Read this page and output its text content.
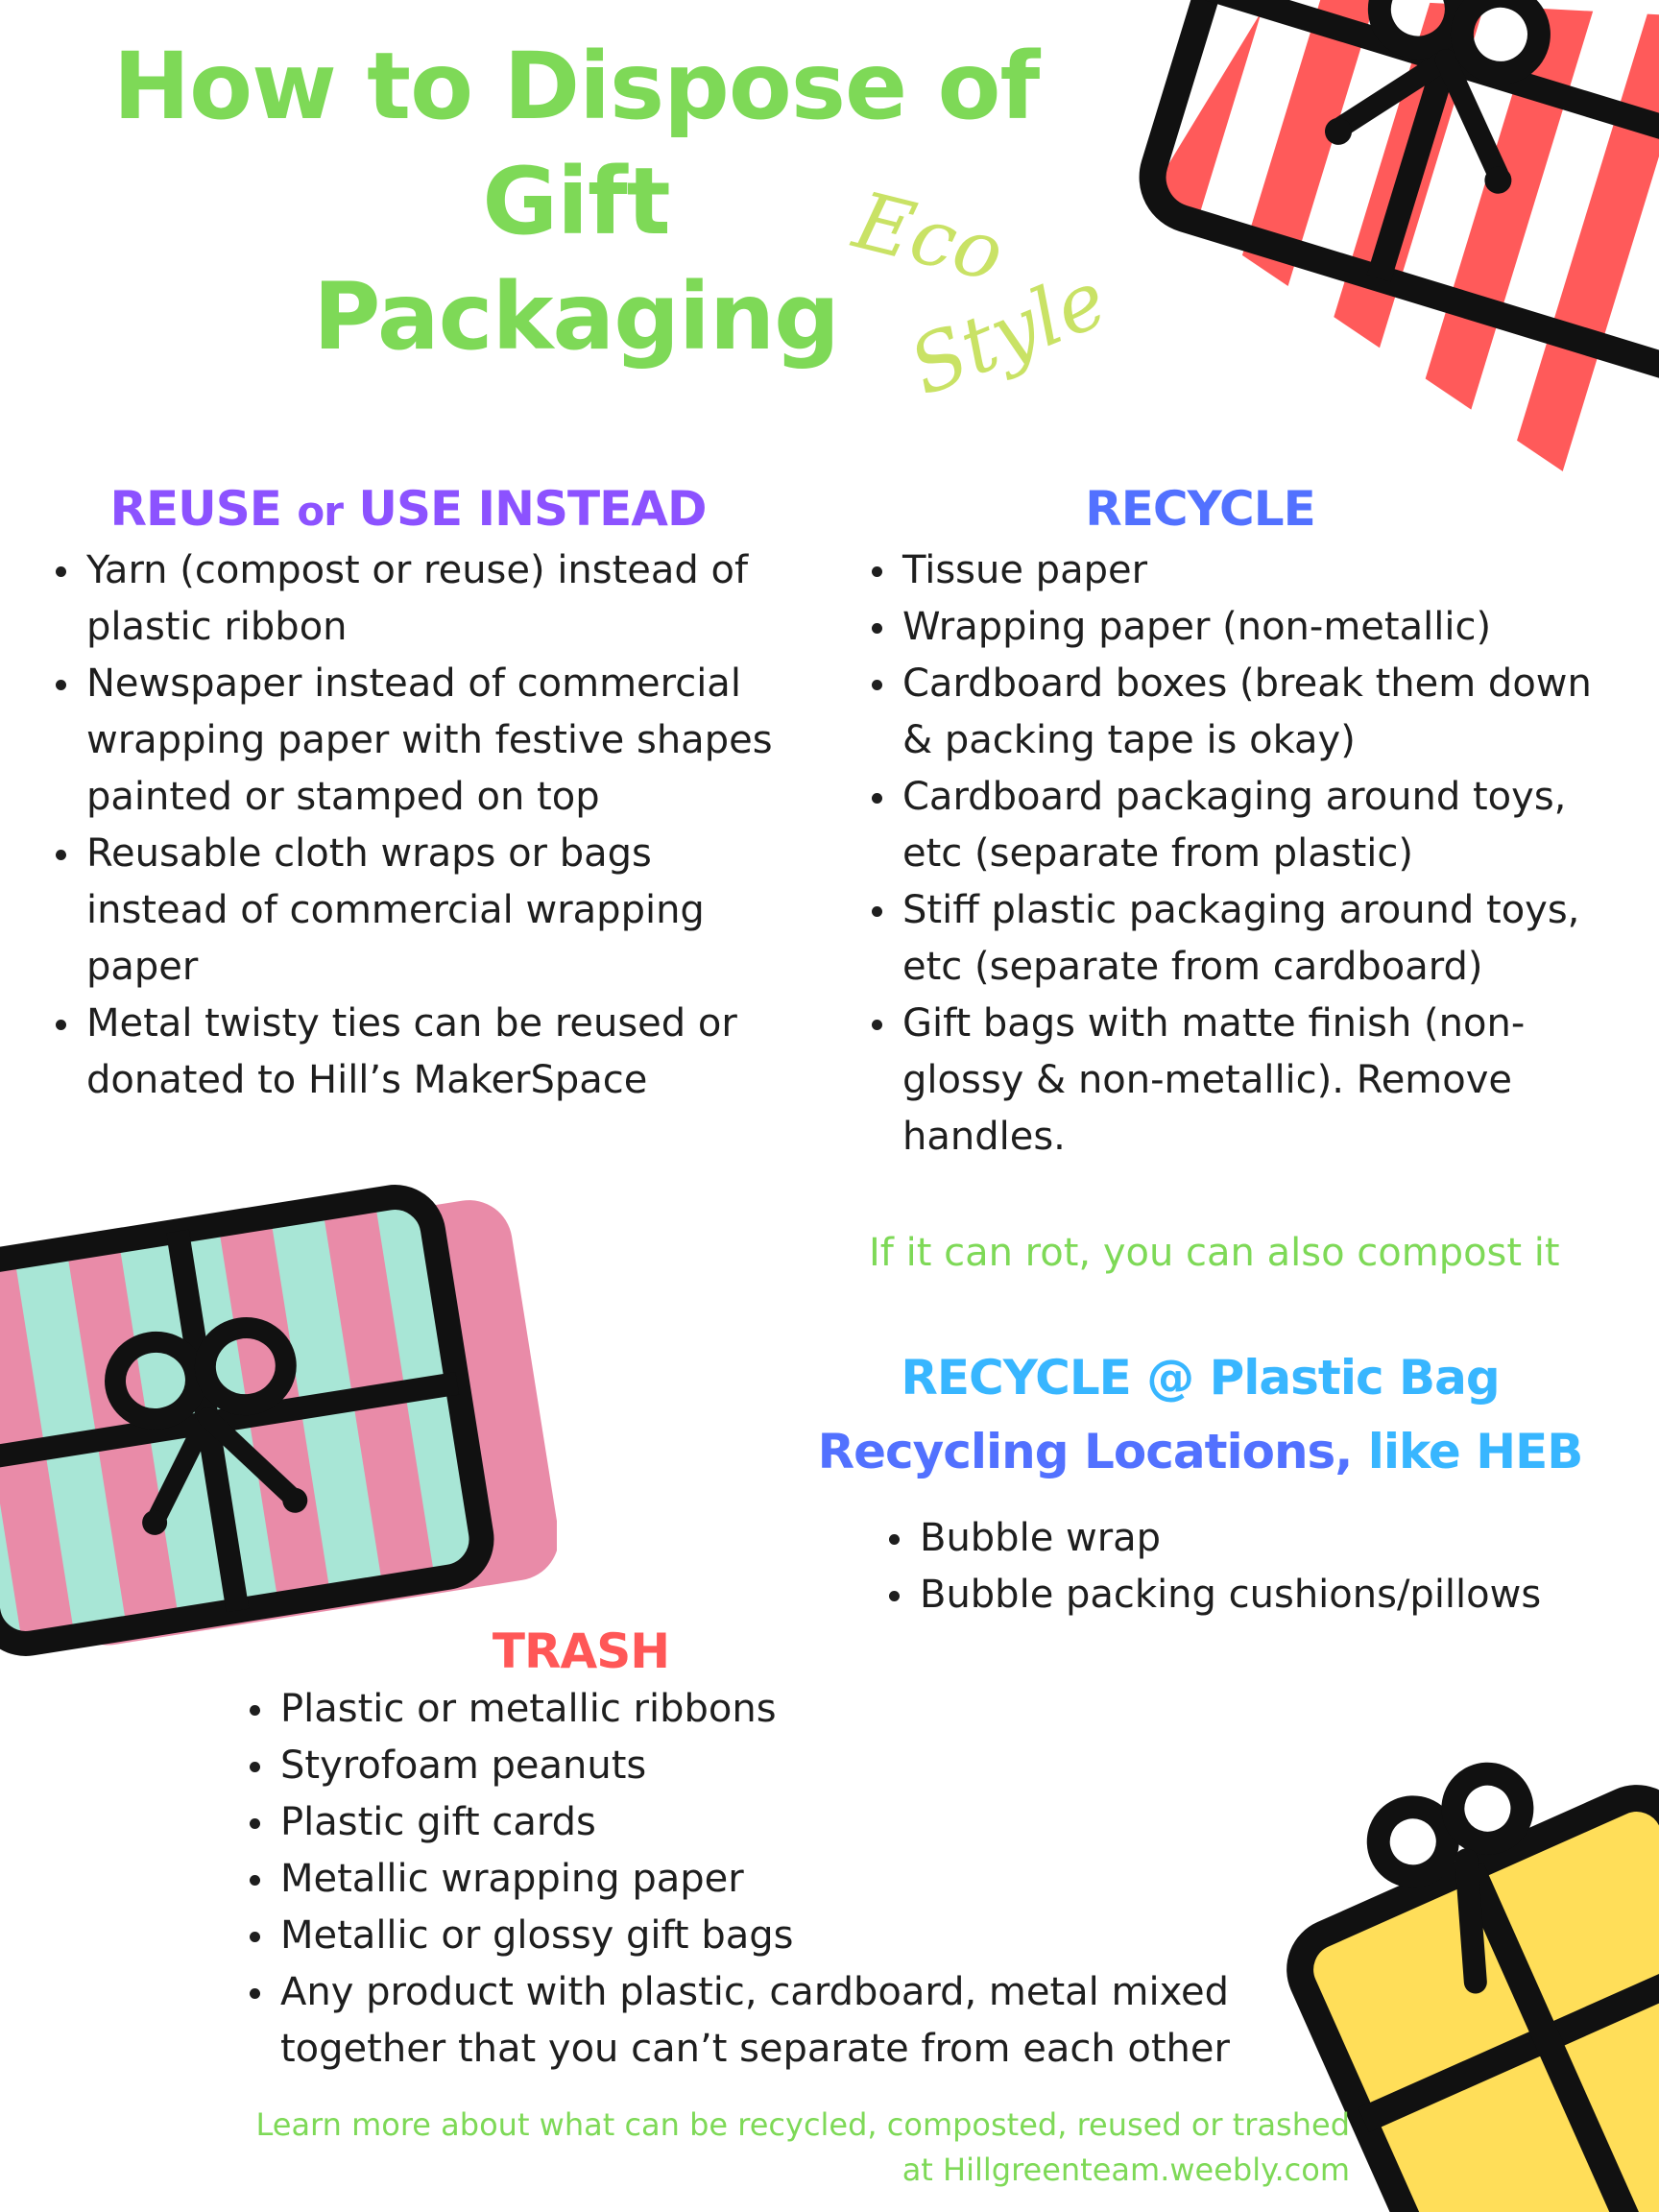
How to Dispose of Gift
Packaging
Eco
Style
REUSE or USE INSTEAD
Yarn (compost or reuse) instead of plastic ribbon
Newspaper instead of commercial wrapping paper with festive shapes painted or stamped on top
Reusable cloth wraps or bags instead of commercial wrapping paper
Metal twisty ties can be reused or donated to Hill’s MakerSpace
RECYCLE
Tissue paper
Wrapping paper (non-metallic)
Cardboard boxes (break them down & packing tape is okay)
Cardboard packaging around toys, etc (separate from plastic)
Stiff plastic packaging around toys, etc (separate from cardboard)
Gift bags with matte finish (non-glossy & non-metallic). Remove handles.
If it can rot, you can also compost it
RECYCLE @ Plastic Bag
Recycling Locations, like HEB
Bubble wrap
Bubble packing cushions/pillows
TRASH
Plastic or metallic ribbons
Styrofoam peanuts
Plastic gift cards
Metallic wrapping paper
Metallic or glossy gift bags
Any product with plastic, cardboard, metal mixed together that you can’t separate from each other
Learn more about what can be recycled, composted, reused or trashed
at Hillgreenteam.weebly.com
